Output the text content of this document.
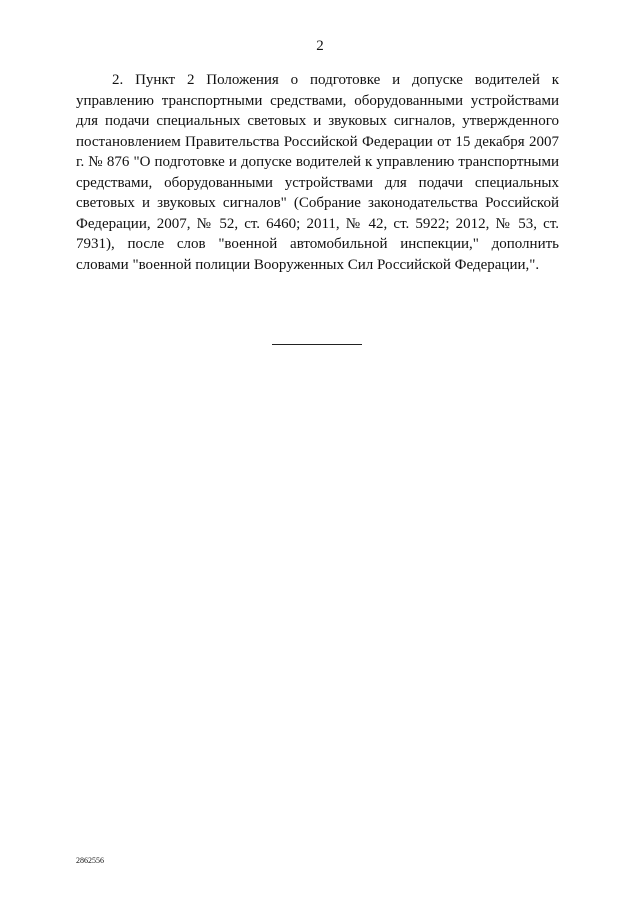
2

2. Пункт 2 Положения о подготовке и допуске водителей к управлению транспортными средствами, оборудованными устройствами для подачи специальных световых и звуковых сигналов, утвержденного постановлением Правительства Российской Федерации от 15 декабря 2007 г. № 876 "О подготовке и допуске водителей к управлению транспортными средствами, оборудованными устройствами для подачи специальных световых и звуковых сигналов" (Собрание законодательства Российской Федерации, 2007, № 52, ст. 6460; 2011, № 42, ст. 5922; 2012, № 53, ст. 7931), после слов "военной автомобильной инспекции," дополнить словами "военной полиции Вооруженных Сил Российской Федерации,".

2862556
